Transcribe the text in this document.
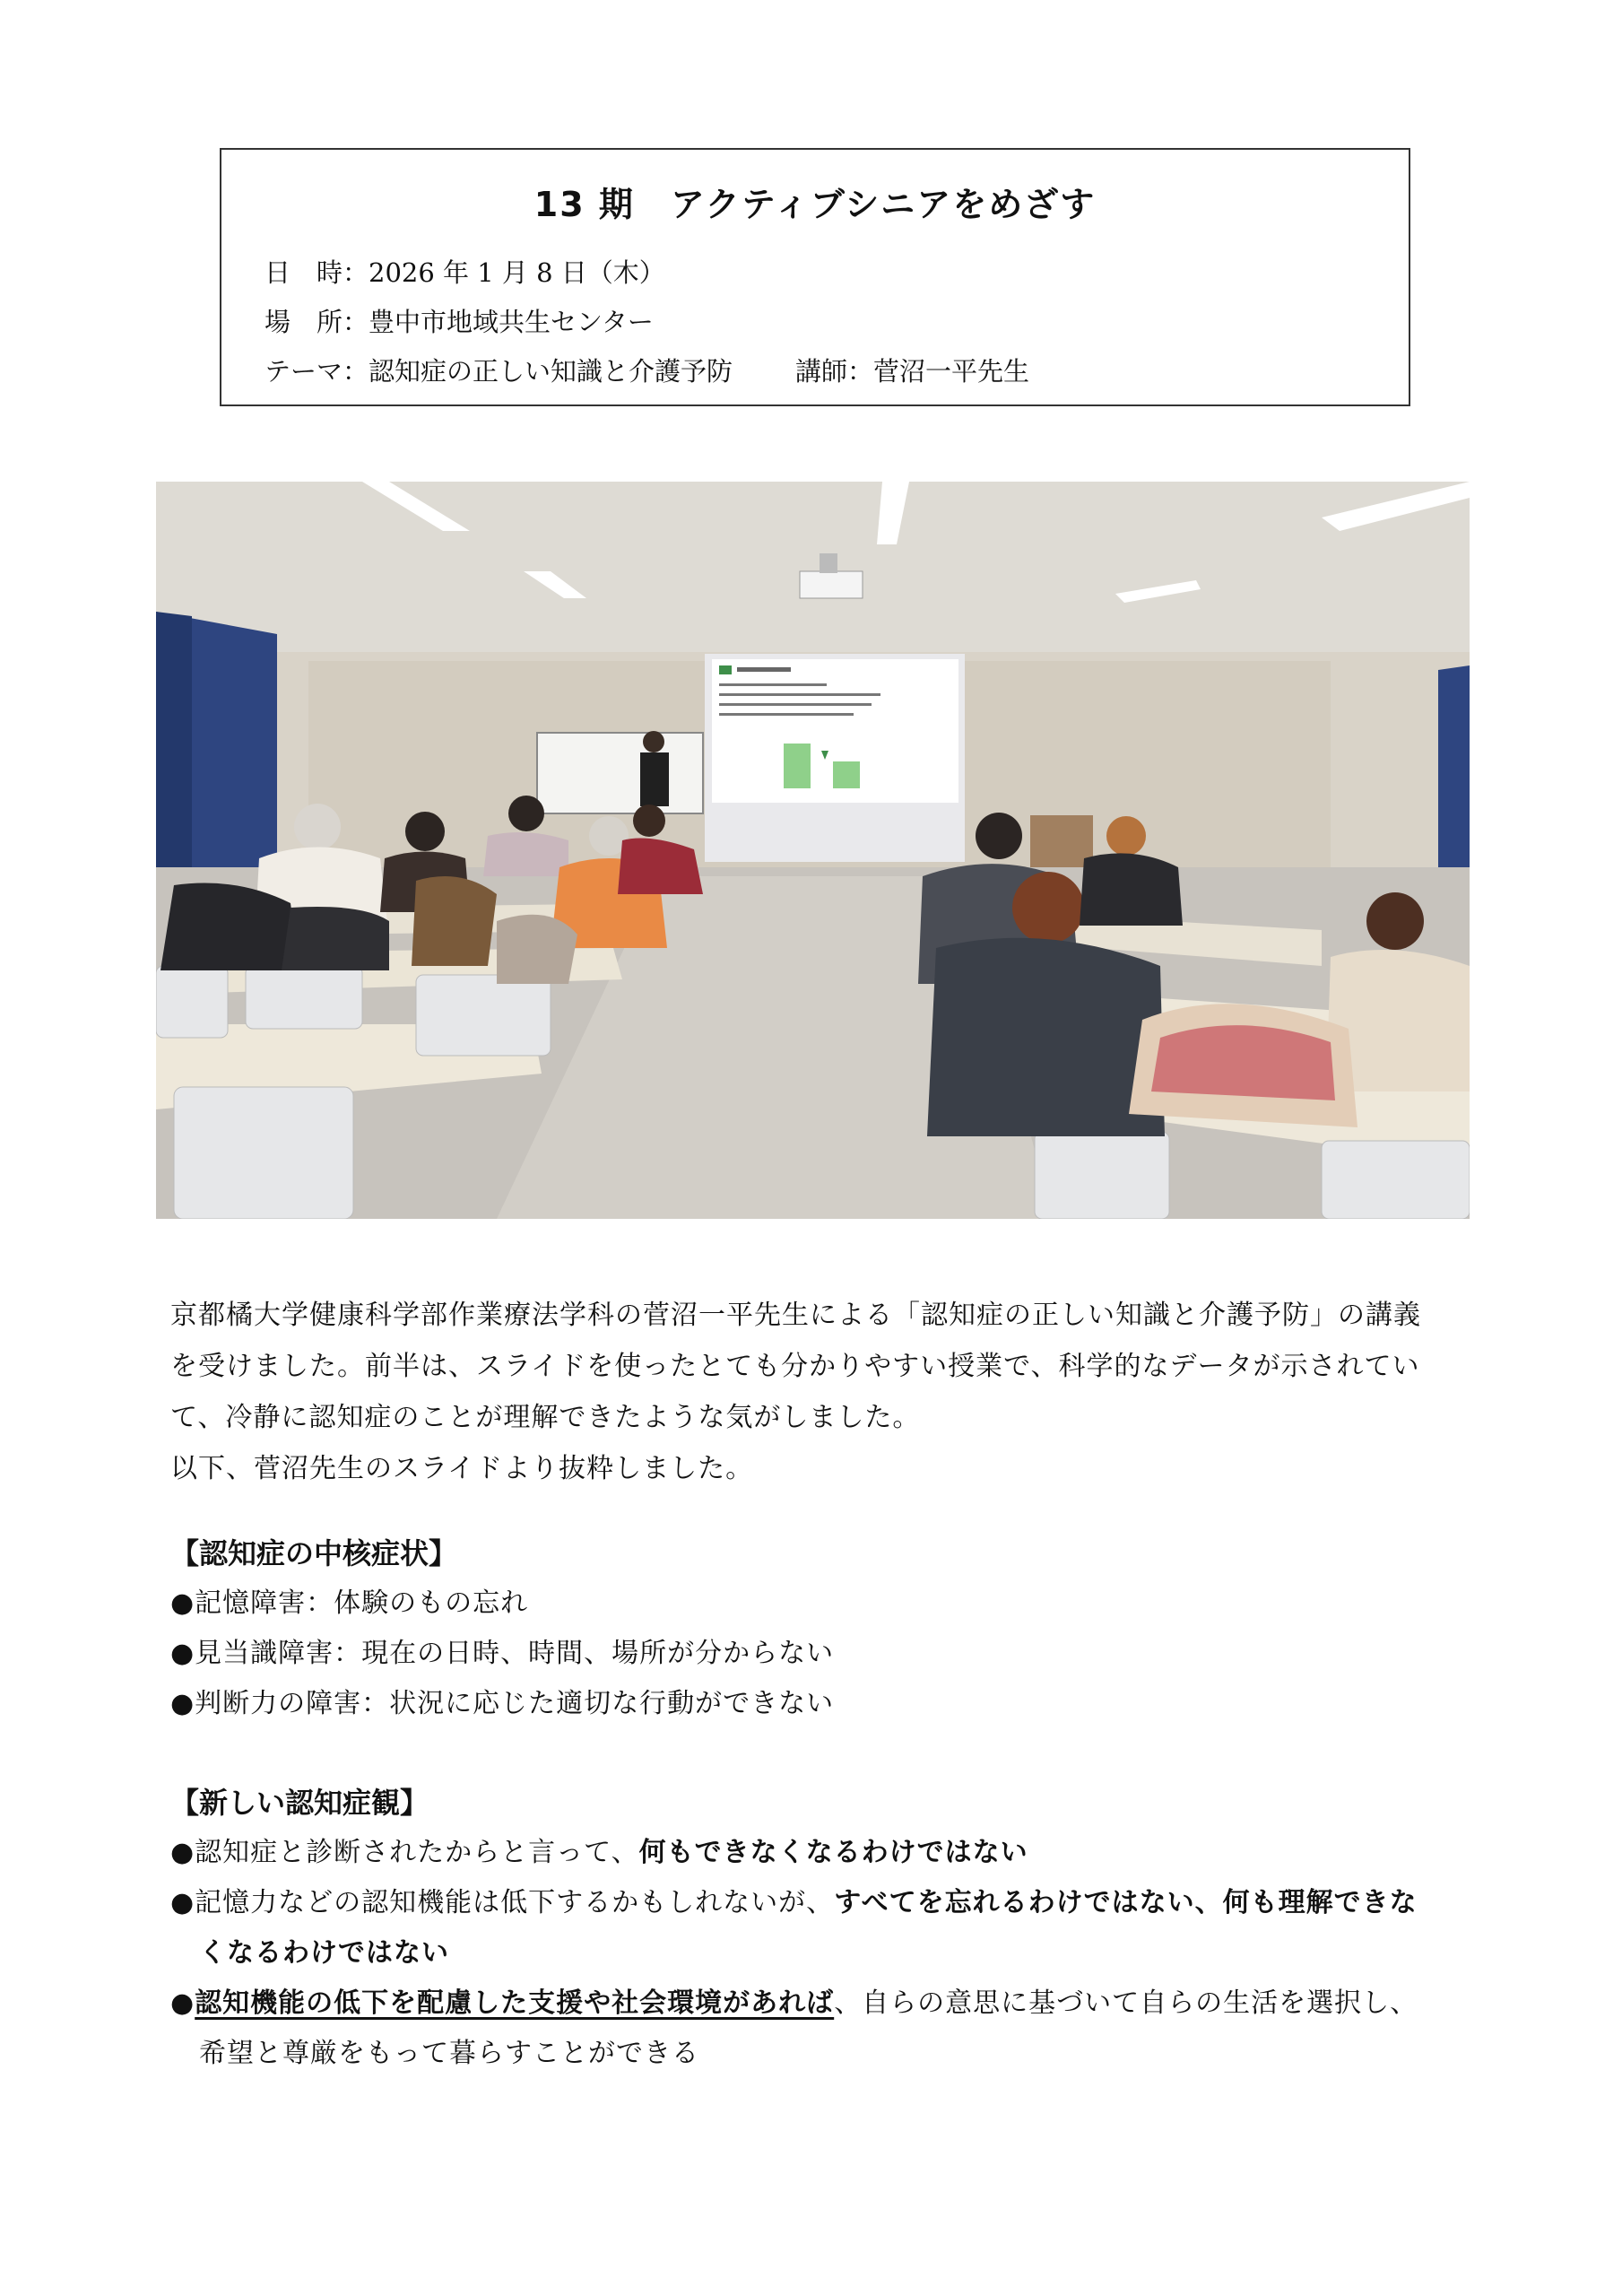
13 期　アクティブシニアをめざす
日　時：2026 年 1 月 8 日（木）
場　所：豊中市地域共生センター
テーマ：認知症の正しい知識と介護予防 講師：菅沼一平先生

京都橘大学健康科学部作業療法学科の菅沼一平先生による「認知症の正しい知識と介護予防」の講義

を受けました。前半は、スライドを使ったとても分かりやすい授業で、科学的なデータが示されてい

て、冷静に認知症のことが理解できたような気がしました。

以下、菅沼先生のスライドより抜粋しました。

【認知症の中核症状】
●記憶障害：体験のもの忘れ
●見当識障害：現在の日時、時間、場所が分からない
●判断力の障害：状況に応じた適切な行動ができない
【新しい認知症観】
●認知症と診断されたからと言って、何もできなくなるわけではない
●記憶力などの認知機能は低下するかもしれないが、すべてを忘れるわけではない、何も理解できな
くなるわけではない
●認知機能の低下を配慮した支援や社会環境があれば、自らの意思に基づいて自らの生活を選択し、
希望と尊厳をもって暮らすことができる
